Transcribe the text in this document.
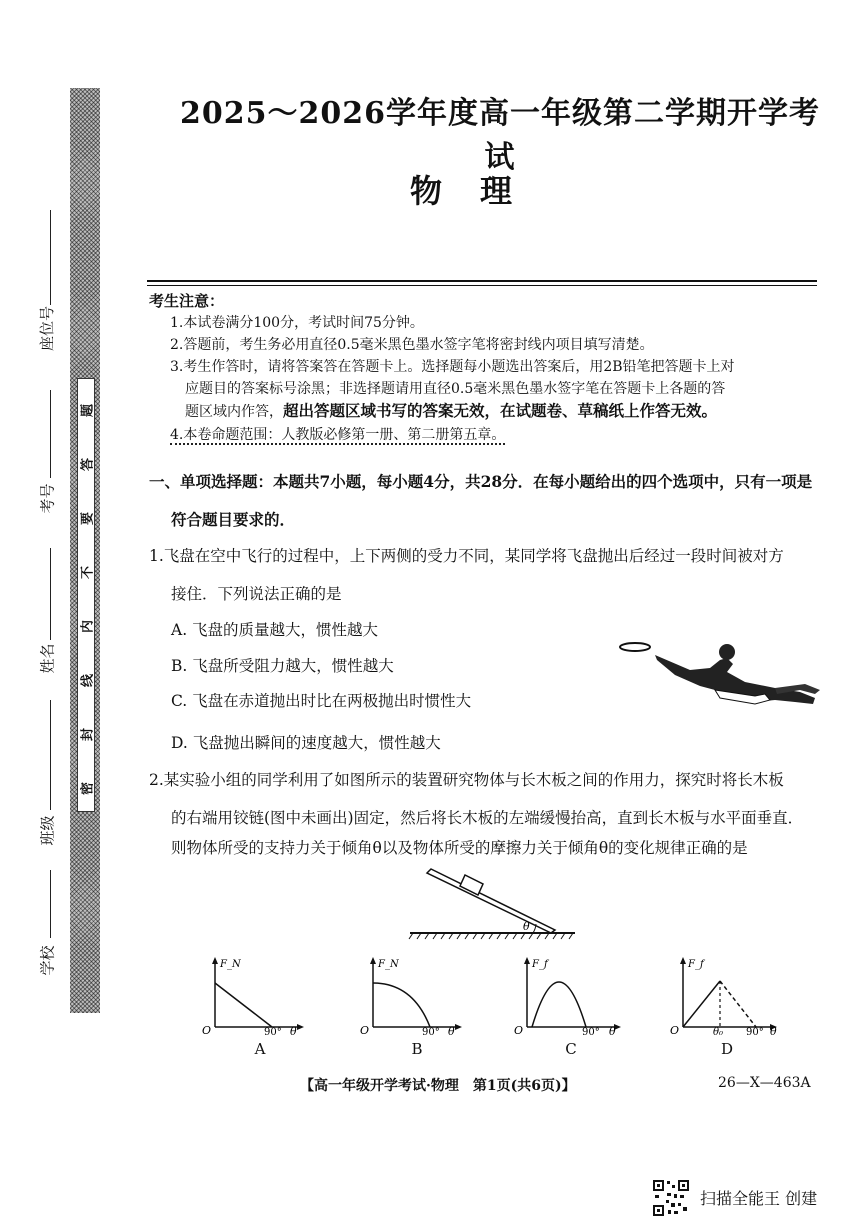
密
封
线
内
不
要
答
题
座位号
考号
姓名
班级
学校
2025～2026学年度高一年级第二学期开学考试
物理
考生注意：
1.本试卷满分100分，考试时间75分钟。
2.答题前，考生务必用直径0.5毫米黑色墨水签字笔将密封线内项目填写清楚。
3.考生作答时，请将答案答在答题卡上。选择题每小题选出答案后，用2B铅笔把答题卡上对
应题目的答案标号涂黑；非选择题请用直径0.5毫米黑色墨水签字笔在答题卡上各题的答
题区域内作答，超出答题区域书写的答案无效，在试题卷、草稿纸上作答无效。
4.本卷命题范围：人教版必修第一册、第二册第五章。
一、单项选择题：本题共7小题，每小题4分，共28分．在每小题给出的四个选项中，只有一项是
符合题目要求的．
1.飞盘在空中飞行的过程中，上下两侧的受力不同，某同学将飞盘抛出后经过一段时间被对方
接住．下列说法正确的是
A. 飞盘的质量越大，惯性越大
B. 飞盘所受阻力越大，惯性越大
C. 飞盘在赤道抛出时比在两极抛出时惯性大
D. 飞盘抛出瞬间的速度越大，惯性越大
2.某实验小组的同学利用了如图所示的装置研究物体与长木板之间的作用力，探究时将长木板
的右端用铰链(图中未画出)固定，然后将长木板的左端缓慢抬高，直到长木板与水平面垂直．
则物体所受的支持力关于倾角θ以及物体所受的摩擦力关于倾角θ的变化规律正确的是
θ
F_N
O	90° θ
A
F_N
O	90° θ
B
F_f
O	90° θ
C
F_f
O	θ₀ 90° θ
D
【高一年级开学考试·物理　第1页(共6页)】	26—X—463A
扫描全能王 创建
